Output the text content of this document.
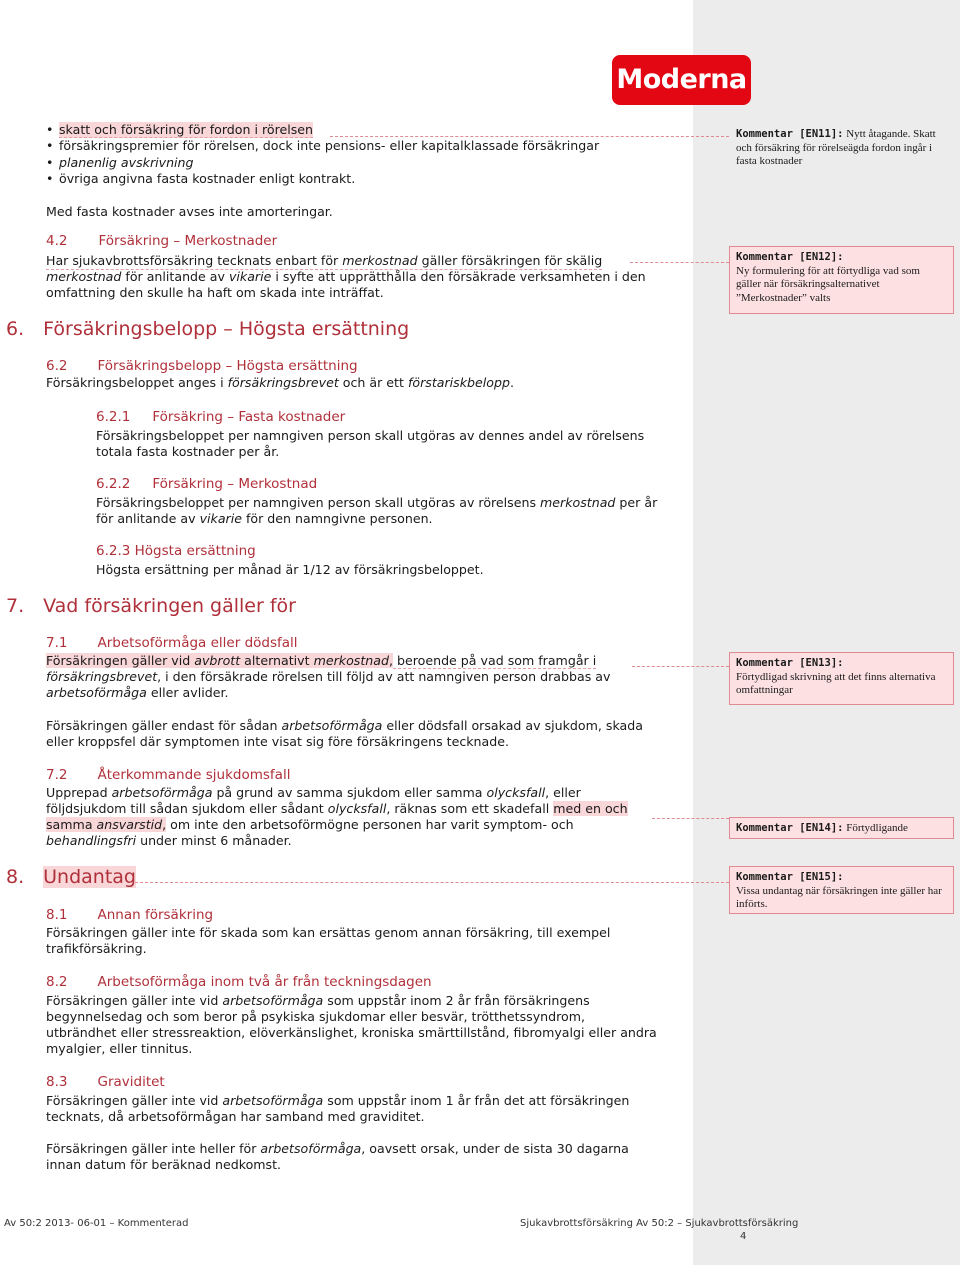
Moderna
• skatt och försäkring för fordon i rörelsen
• försäkringspremier för rörelsen, dock inte pensions- eller kapitalklassade försäkringar
• planenlig avskrivning
• övriga angivna fasta kostnader enligt kontrakt.
Med fasta kostnader avses inte amorteringar.
4.2 Försäkring – Merkostnader
Har sjukavbrottsförsäkring tecknats enbart för merkostnad gäller försäkringen för skälig
merkostnad för anlitande av vikarie i syfte att upprätthålla den försäkrade verksamheten i den
omfattning den skulle ha haft om skada inte inträffat.
6. Försäkringsbelopp – Högsta ersättning
6.2 Försäkringsbelopp – Högsta ersättning
Försäkringsbeloppet anges i försäkringsbrevet och är ett förstariskbelopp.
6.2.1 Försäkring – Fasta kostnader
Försäkringsbeloppet per namngiven person skall utgöras av dennes andel av rörelsens
totala fasta kostnader per år.
6.2.2 Försäkring – Merkostnad
Försäkringsbeloppet per namngiven person skall utgöras av rörelsens merkostnad per år
för anlitande av vikarie för den namngivne personen.
6.2.3 Högsta ersättning
Högsta ersättning per månad är 1/12 av försäkringsbeloppet.
7. Vad försäkringen gäller för
7.1 Arbetsoförmåga eller dödsfall
Försäkringen gäller vid avbrott alternativt merkostnad, beroende på vad som framgår i
försäkringsbrevet, i den försäkrade rörelsen till följd av att namngiven person drabbas av
arbetsoförmåga eller avlider.
Försäkringen gäller endast för sådan arbetsoförmåga eller dödsfall orsakad av sjukdom, skada
eller kroppsfel där symptomen inte visat sig före försäkringens tecknade.
7.2 Återkommande sjukdomsfall
Upprepad arbetsoförmåga på grund av samma sjukdom eller samma olycksfall, eller
följdsjukdom till sådan sjukdom eller sådant olycksfall, räknas som ett skadefall med en och
samma ansvarstid, om inte den arbetsoförmögne personen har varit symptom- och
behandlingsfri under minst 6 månader.
8. Undantag
8.1 Annan försäkring
Försäkringen gäller inte för skada som kan ersättas genom annan försäkring, till exempel
trafikförsäkring.
8.2 Arbetsoförmåga inom två år från teckningsdagen
Försäkringen gäller inte vid arbetsoförmåga som uppstår inom 2 år från försäkringens
begynnelsedag och som beror på psykiska sjukdomar eller besvär, trötthetssyndrom,
utbrändhet eller stressreaktion, elöverkänslighet, kroniska smärttillstånd, fibromyalgi eller andra
myalgier, eller tinnitus.
8.3 Graviditet
Försäkringen gäller inte vid arbetsoförmåga som uppstår inom 1 år från det att försäkringen
tecknats, då arbetsoförmågan har samband med graviditet.
Försäkringen gäller inte heller för arbetsoförmåga, oavsett orsak, under de sista 30 dagarna
innan datum för beräknad nedkomst.
Kommentar [EN11]: Nytt åtagande. Skatt och försäkring för rörelseägda fordon ingår i fasta kostnader
Kommentar [EN12]:
Ny formulering för att förtydliga vad som gäller när försäkringsalternativet ”Merkostnader” valts
Kommentar [EN13]:
Förtydligad skrivning att det finns alternativa omfattningar
Kommentar [EN14]: Förtydligande
Kommentar [EN15]:
Vissa undantag när försäkringen inte gäller har införts.
Av 50:2 2013- 06-01 – Kommenterad	Sjukavbrottsförsäkring Av 50:2 – Sjukavbrottsförsäkring
4
